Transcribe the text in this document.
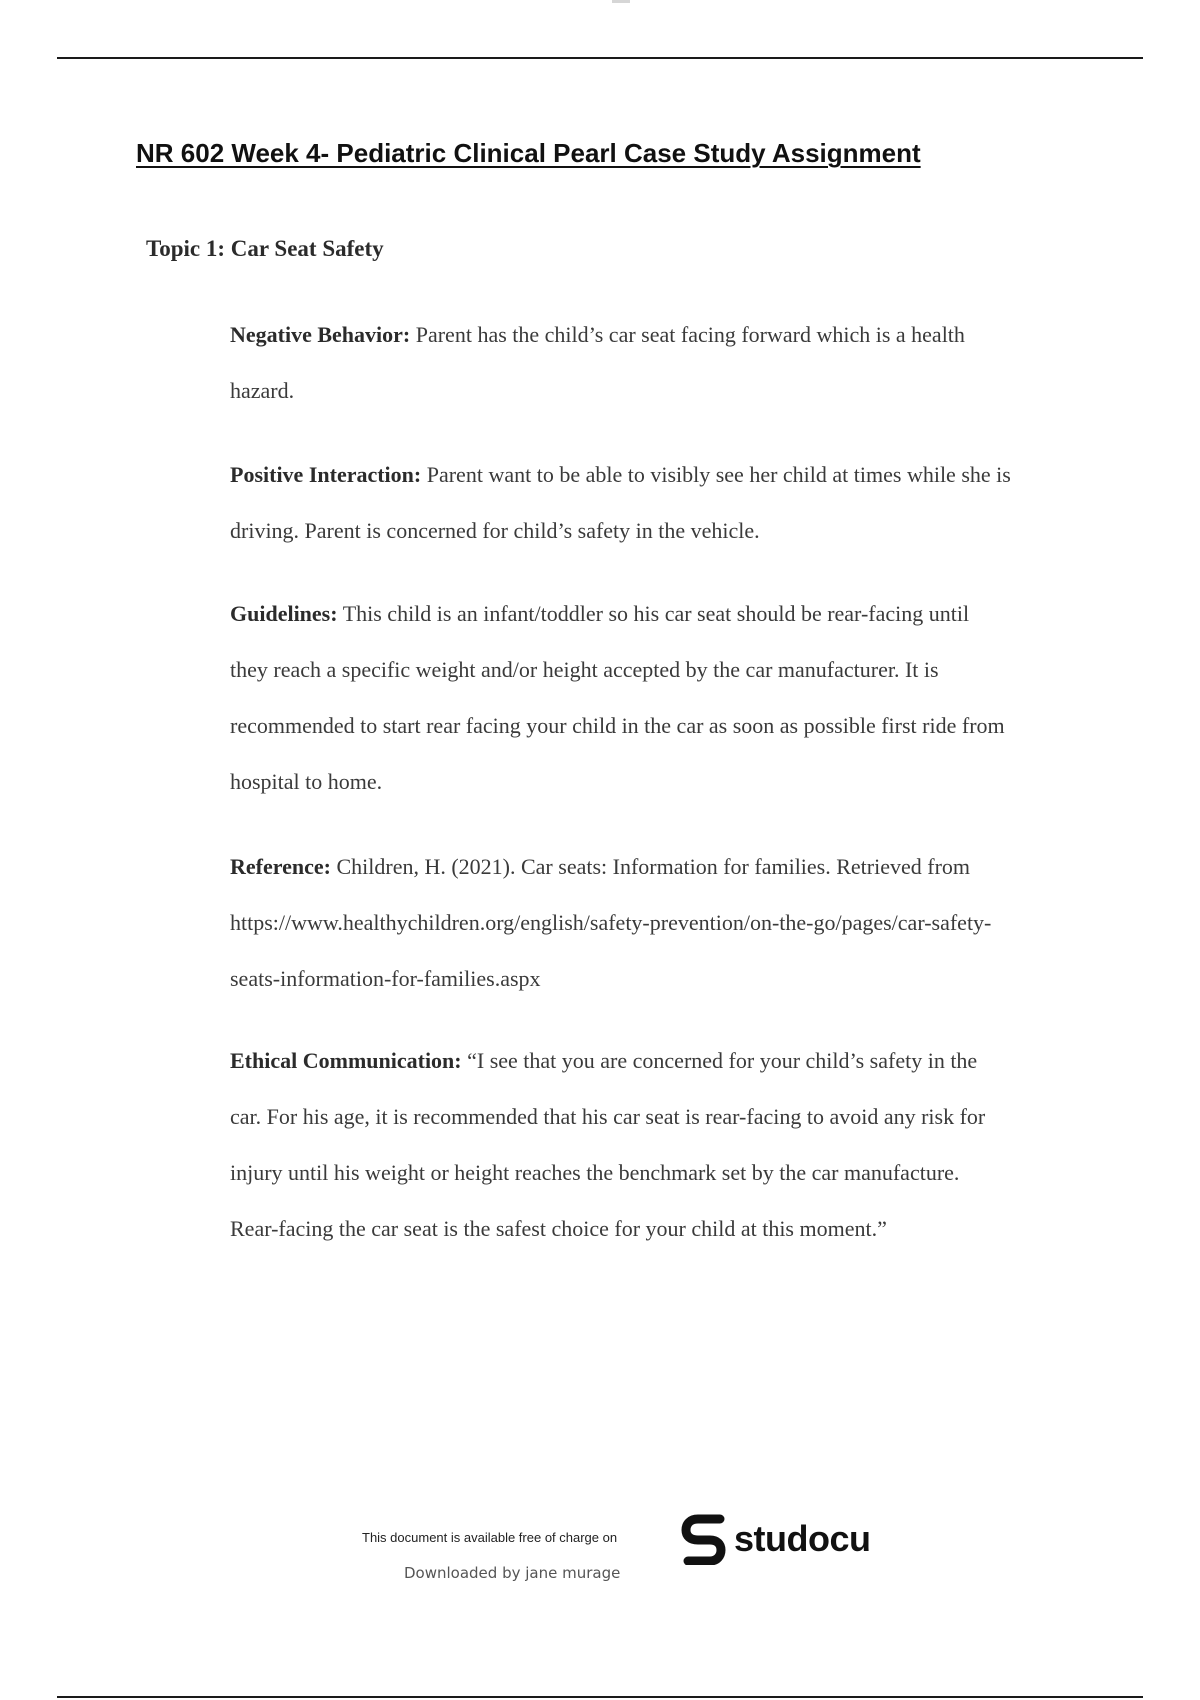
NR 602 Week 4- Pediatric Clinical Pearl Case Study Assignment
Topic 1: Car Seat Safety
Negative Behavior: Parent has the child’s car seat facing forward which is a health
hazard.
Positive Interaction: Parent want to be able to visibly see her child at times while she is
driving. Parent is concerned for child’s safety in the vehicle.
Guidelines: This child is an infant/toddler so his car seat should be rear-facing until
they reach a specific weight and/or height accepted by the car manufacturer. It is
recommended to start rear facing your child in the car as soon as possible first ride from
hospital to home.
Reference: Children, H. (2021). Car seats: Information for families. Retrieved from
https://www.healthychildren.org/english/safety-prevention/on-the-go/pages/car-safety-
seats-information-for-families.aspx
Ethical Communication: “I see that you are concerned for your child’s safety in the
car. For his age, it is recommended that his car seat is rear-facing to avoid any risk for
injury until his weight or height reaches the benchmark set by the car manufacture.
Rear-facing the car seat is the safest choice for your child at this moment.”
This document is available free of charge on	studocu
Downloaded by jane murage
